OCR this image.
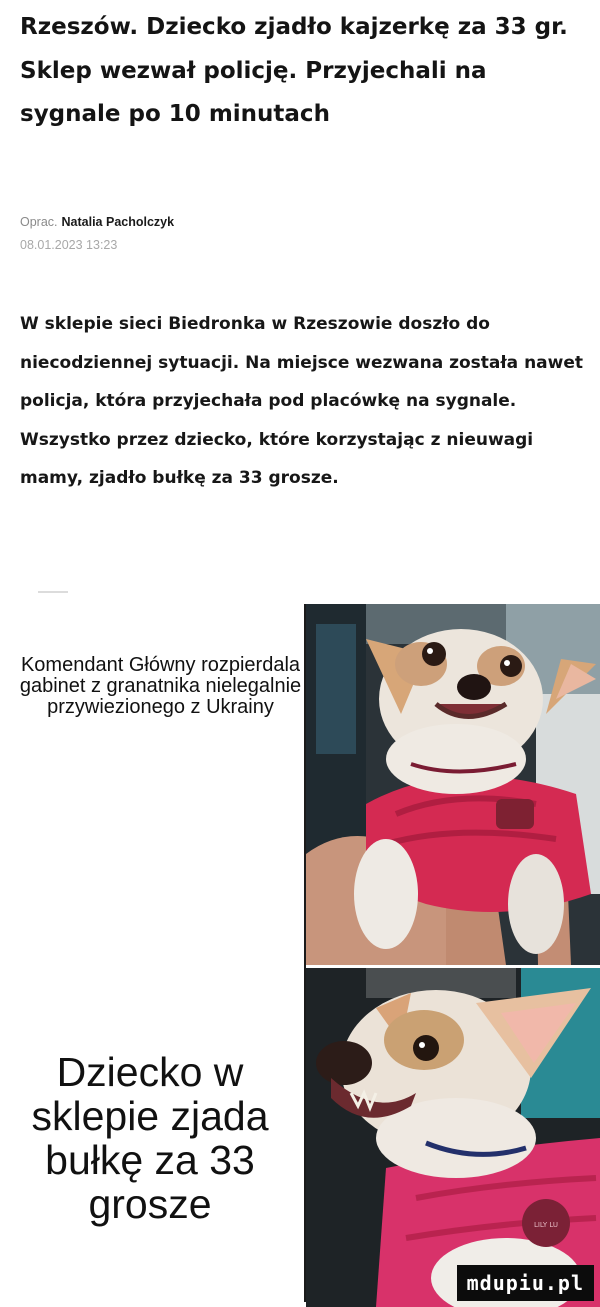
Rzeszów. Dziecko zjadło kajzerkę za 33 gr. Sklep wezwał policję. Przyjechali na sygnale po 10 minutach
Oprac. Natalia Pacholczyk
08.01.2023 13:23

W sklepie sieci Biedronka w Rzeszowie doszło do niecodziennej sytuacji. Na miejsce wezwana została nawet policja, która przyjechała pod placówkę na sygnale. Wszystko przez dziecko, które korzystając z nieuwagi mamy, zjadło bułkę za 33 grosze.

Komendant Główny rozpierdala gabinet z granatnika nielegalnie przywiezionego z Ukrainy
Dziecko w sklepie zjada bułkę za 33 grosze	LILY LU
mdupiu.pl
